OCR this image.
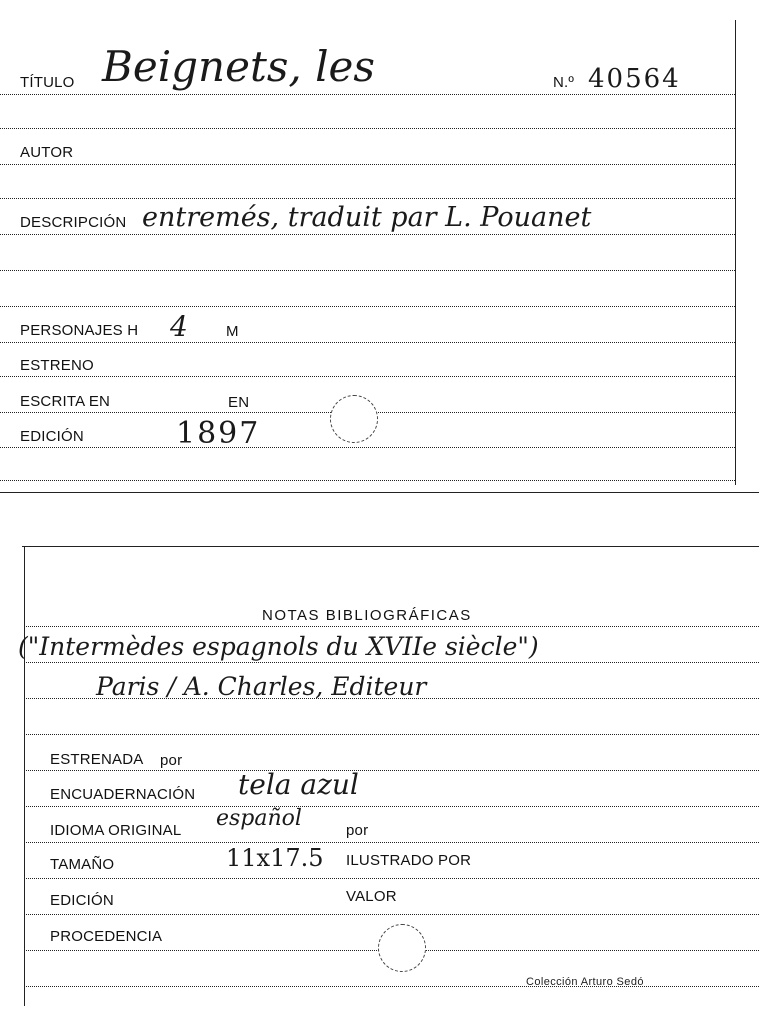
TÍTULO Beignets, les	N.º 40564
AUTOR
DESCRIPCIÓN entremés, traduit par L. Pouanet
PERSONAJES H 4	M
ESTRENO
ESCRITA EN	EN
EDICIÓN	1897
NOTAS BIBLIOGRÁFICAS
("Intermèdes espagnols du XVIIe siècle")
Paris / A. Charles, Editeur
ESTRENADA por
ENCUADERNACIÓN tela azul
IDIOMA ORIGINAL español	por
TAMAÑO	11x17.5 ILUSTRADO POR
EDICIÓN	VALOR
PROCEDENCIA
Colección Arturo Sedó
